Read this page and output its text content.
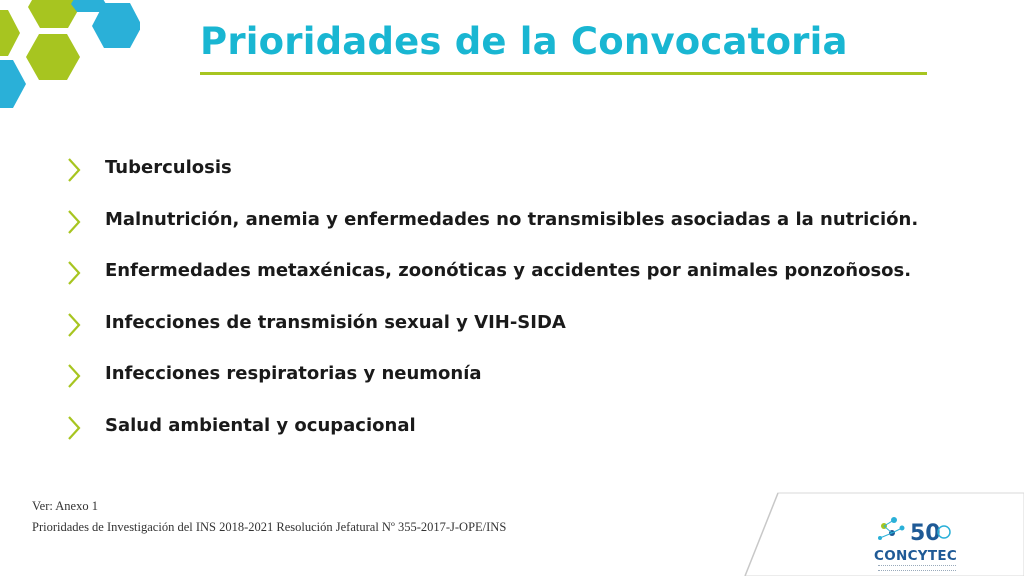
Prioridades de la Convocatoria
Tuberculosis
Malnutrición, anemia y enfermedades no transmisibles asociadas a la nutrición.
Enfermedades metaxénicas, zoonóticas y accidentes por animales ponzoñosos.
Infecciones de transmisión sexual y VIH-SIDA
Infecciones respiratorias y neumonía
Salud ambiental y ocupacional
Ver: Anexo 1
Prioridades de Investigación del INS 2018-2021 Resolución Jefatural Nº 355-2017-J-OPE/INS	50
CONCYTEC
